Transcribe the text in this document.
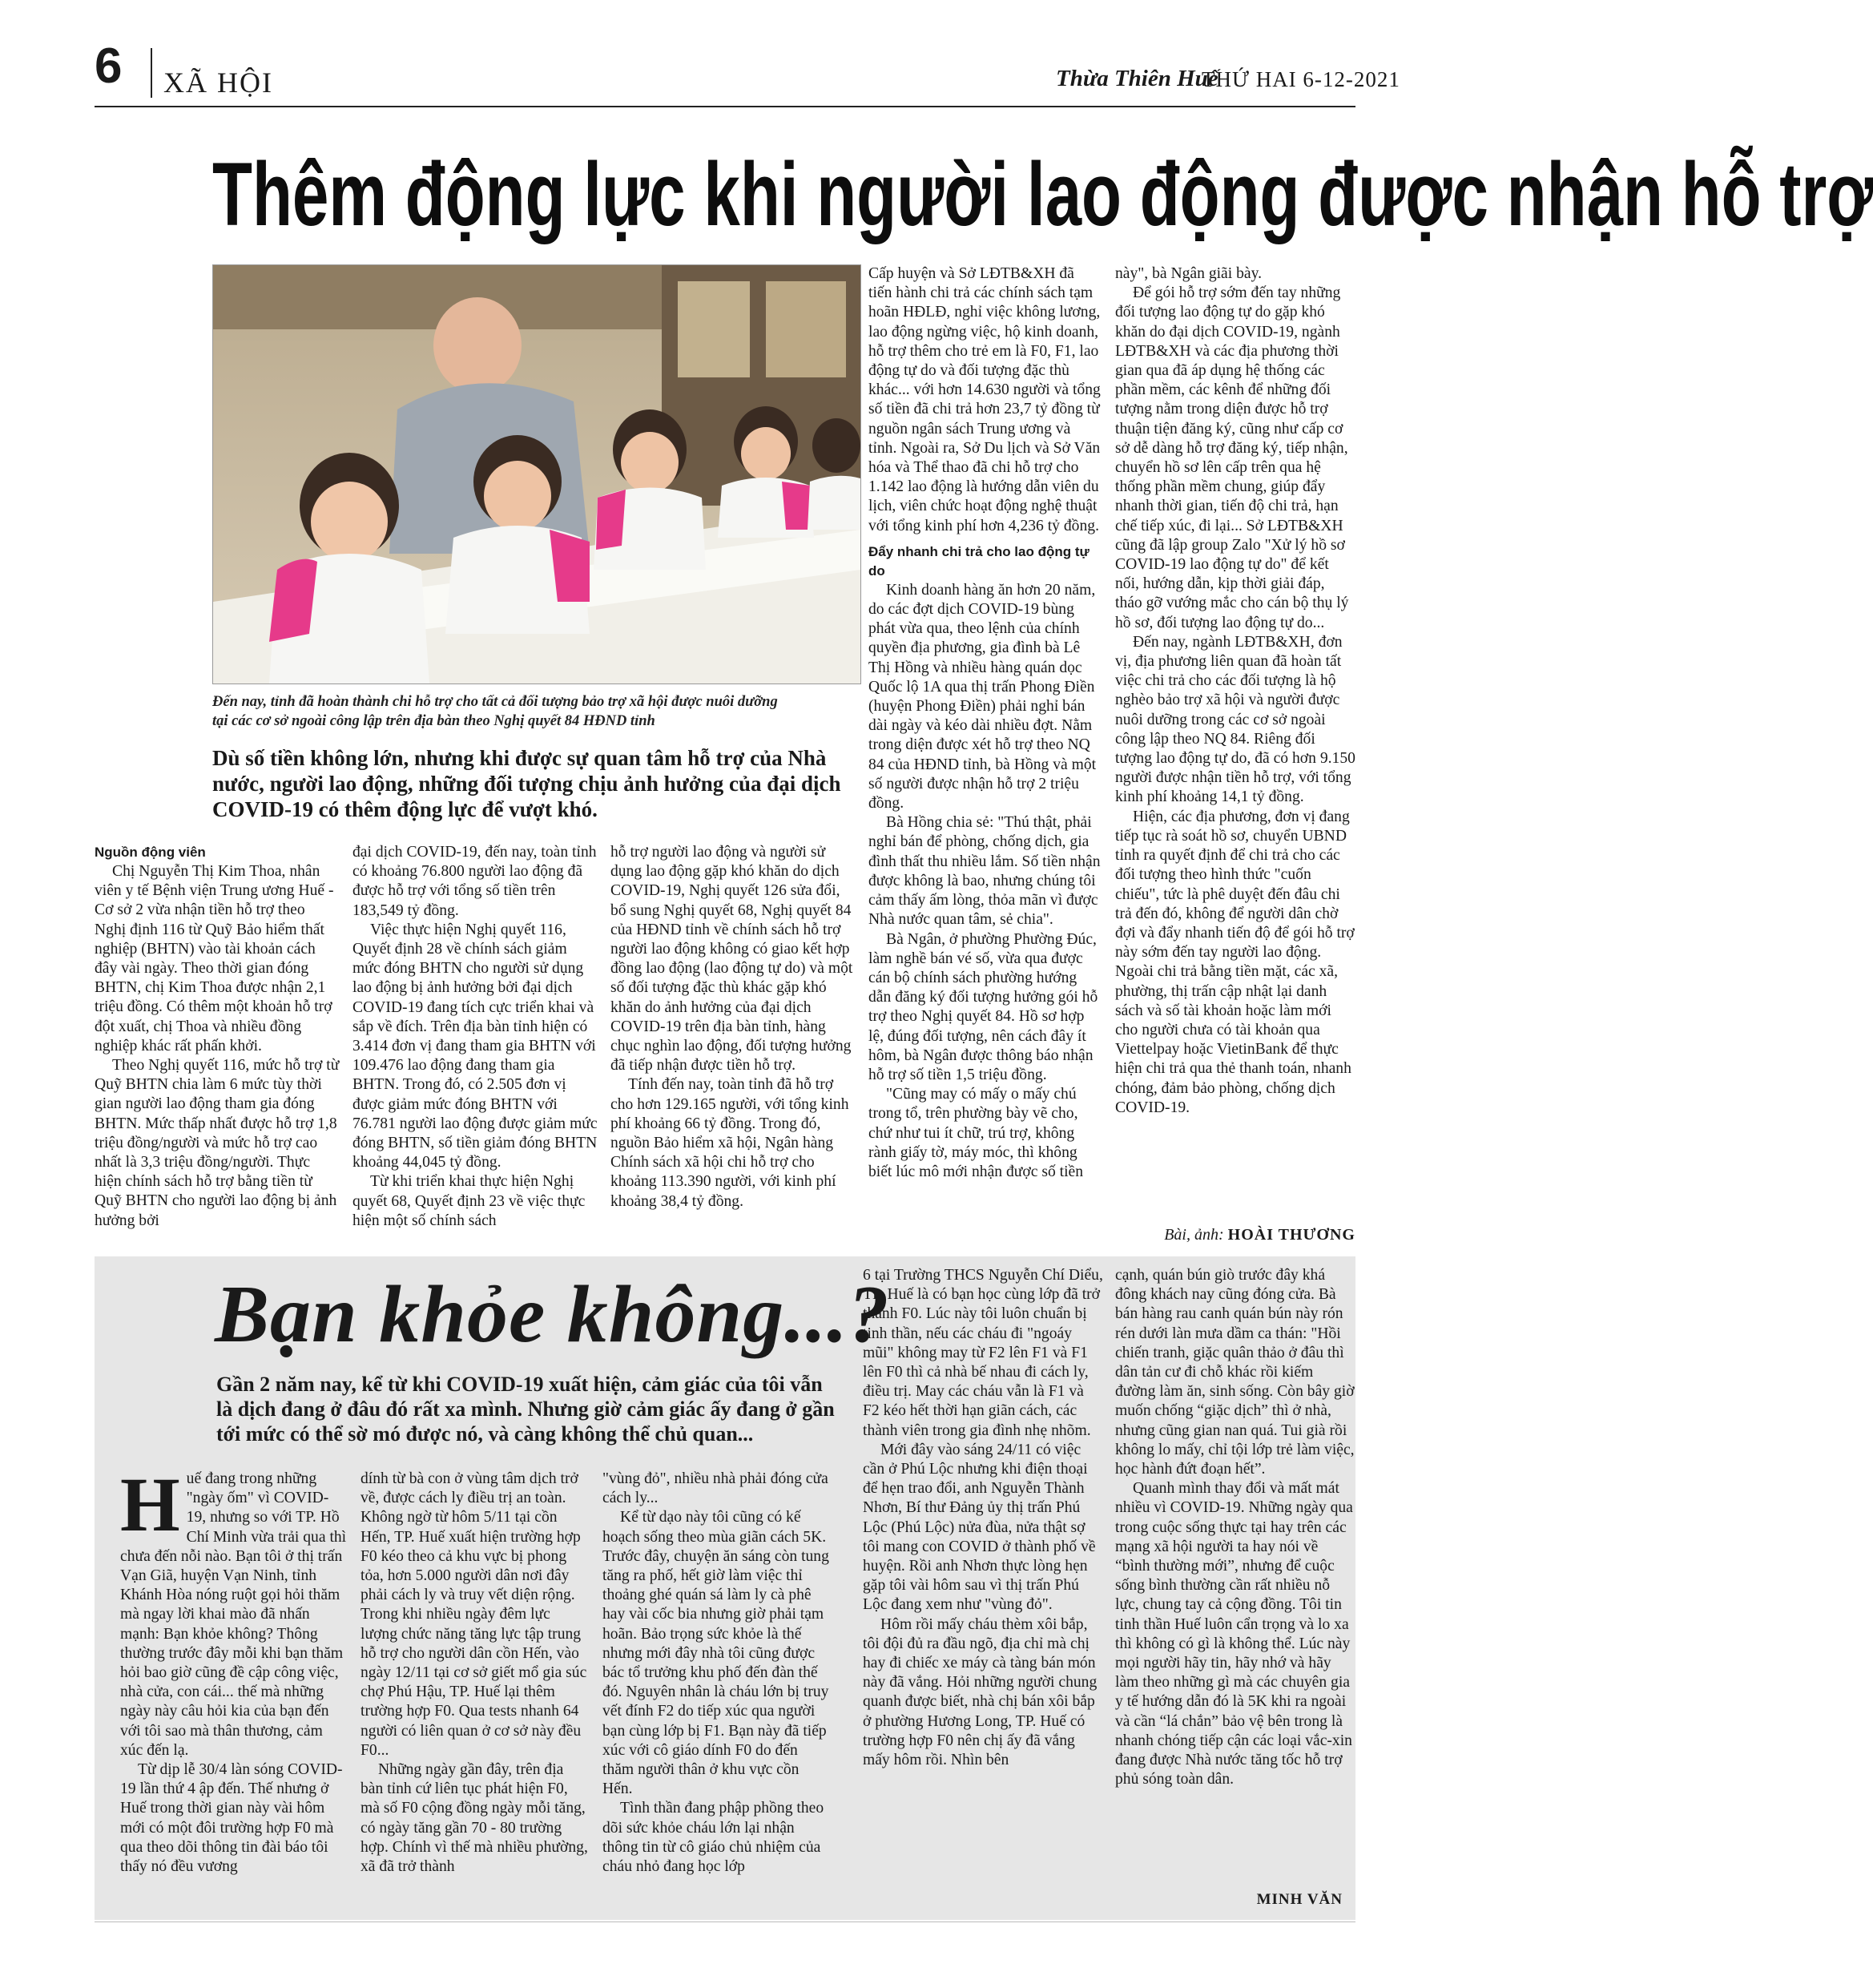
6 XÃ HỘI	Thừa Thiên Huế
THỨ HAI 6-12-2021
Thêm động lực khi người lao động được nhận hỗ trợ
Đến nay, tỉnh đã hoàn thành chi hỗ trợ cho tất cả đối tượng bảo trợ xã hội được nuôi dưỡng
tại các cơ sở ngoài công lập trên địa bàn theo Nghị quyết 84 HĐND tỉnh
Dù số tiền không lớn, nhưng khi được sự quan tâm hỗ trợ của Nhà nước, người lao động, những đối tượng chịu ảnh hưởng của đại dịch COVID-19 có thêm động lực để vượt khó.

Nguồn động viên

Chị Nguyễn Thị Kim Thoa, nhân viên y tế Bệnh viện Trung ương Huế - Cơ sở 2 vừa nhận tiền hỗ trợ theo Nghị định 116 từ Quỹ Bảo hiểm thất nghiệp (BHTN) vào tài khoản cách đây vài ngày. Theo thời gian đóng BHTN, chị Kim Thoa được nhận 2,1 triệu đồng. Có thêm một khoản hỗ trợ đột xuất, chị Thoa và nhiều đồng nghiệp khác rất phấn khởi.

Theo Nghị quyết 116, mức hỗ trợ từ Quỹ BHTN chia làm 6 mức tùy thời gian người lao động tham gia đóng BHTN. Mức thấp nhất được hỗ trợ 1,8 triệu đồng/người và mức hỗ trợ cao nhất là 3,3 triệu đồng/người. Thực hiện chính sách hỗ trợ bằng tiền từ Quỹ BHTN cho người lao động bị ảnh hưởng bởi

đại dịch COVID-19, đến nay, toàn tỉnh có khoảng 76.800 người lao động đã được hỗ trợ với tổng số tiền trên 183,549 tỷ đồng.

Việc thực hiện Nghị quyết 116, Quyết định 28 về chính sách giảm mức đóng BHTN cho người sử dụng lao động bị ảnh hưởng bởi đại dịch COVID-19 đang tích cực triển khai và sắp về đích. Trên địa bàn tỉnh hiện có 3.414 đơn vị đang tham gia BHTN với 109.476 lao động đang tham gia BHTN. Trong đó, có 2.505 đơn vị được giảm mức đóng BHTN với 76.781 người lao động được giảm mức đóng BHTN, số tiền giảm đóng BHTN khoảng 44,045 tỷ đồng.

Từ khi triển khai thực hiện Nghị quyết 68, Quyết định 23 về việc thực hiện một số chính sách

hỗ trợ người lao động và người sử dụng lao động gặp khó khăn do dịch COVID-19, Nghị quyết 126 sửa đổi, bổ sung Nghị quyết 68, Nghị quyết 84 của HĐND tỉnh về chính sách hỗ trợ người lao động không có giao kết hợp đồng lao động (lao động tự do) và một số đối tượng đặc thù khác gặp khó khăn do ảnh hưởng của đại dịch COVID-19 trên địa bàn tỉnh, hàng chục nghìn lao động, đối tượng hưởng đã tiếp nhận được tiền hỗ trợ.

Tính đến nay, toàn tỉnh đã hỗ trợ cho hơn 129.165 người, với tổng kinh phí khoảng 66 tỷ đồng. Trong đó, nguồn Bảo hiểm xã hội, Ngân hàng Chính sách xã hội chi hỗ trợ cho khoảng 113.390 người, với kinh phí khoảng 38,4 tỷ đồng.

Cấp huyện và Sở LĐTB&XH đã tiến hành chi trả các chính sách tạm hoãn HĐLĐ, nghỉ việc không lương, lao động ngừng việc, hộ kinh doanh, hỗ trợ thêm cho trẻ em là F0, F1, lao động tự do và đối tượng đặc thù khác... với hơn 14.630 người và tổng số tiền đã chi trả hơn 23,7 tỷ đồng từ nguồn ngân sách Trung ương và tỉnh. Ngoài ra, Sở Du lịch và Sở Văn hóa và Thể thao đã chi hỗ trợ cho 1.142 lao động là hướng dẫn viên du lịch, viên chức hoạt động nghệ thuật với tổng kinh phí hơn 4,236 tỷ đồng.

Đẩy nhanh chi trả cho lao động tự do

Kinh doanh hàng ăn hơn 20 năm, do các đợt dịch COVID-19 bùng phát vừa qua, theo lệnh của chính quyền địa phương, gia đình bà Lê Thị Hồng và nhiều hàng quán dọc Quốc lộ 1A qua thị trấn Phong Điền (huyện Phong Điền) phải nghỉ bán dài ngày và kéo dài nhiều đợt. Nằm trong diện được xét hỗ trợ theo NQ 84 của HĐND tỉnh, bà Hồng và một số người được nhận hỗ trợ 2 triệu đồng.

Bà Hồng chia sẻ: "Thú thật, phải nghỉ bán để phòng, chống dịch, gia đình thất thu nhiều lắm. Số tiền nhận được không là bao, nhưng chúng tôi cảm thấy ấm lòng, thỏa mãn vì được Nhà nước quan tâm, sẻ chia".

Bà Ngân, ở phường Phường Đúc, làm nghề bán vé số, vừa qua được cán bộ chính sách phường hướng dẫn đăng ký đối tượng hưởng gói hỗ trợ theo Nghị quyết 84. Hồ sơ hợp lệ, đúng đối tượng, nên cách đây ít hôm, bà Ngân được thông báo nhận hỗ trợ số tiền 1,5 triệu đồng.

"Cũng may có mấy o mấy chú trong tổ, trên phường bày vẽ cho, chứ như tui ít chữ, trú trợ, không rành giấy tờ, máy móc, thì không biết lúc mô mới nhận được số tiền

này", bà Ngân giãi bày.

Để gói hỗ trợ sớm đến tay những đối tượng lao động tự do gặp khó khăn do đại dịch COVID-19, ngành LĐTB&XH và các địa phương thời gian qua đã áp dụng hệ thống các phần mềm, các kênh để những đối tượng nằm trong diện được hỗ trợ thuận tiện đăng ký, cũng như cấp cơ sở dễ dàng hỗ trợ đăng ký, tiếp nhận, chuyển hồ sơ lên cấp trên qua hệ thống phần mềm chung, giúp đẩy nhanh thời gian, tiến độ chi trả, hạn chế tiếp xúc, đi lại... Sở LĐTB&XH cũng đã lập group Zalo "Xử lý hồ sơ COVID-19 lao động tự do" để kết nối, hướng dẫn, kịp thời giải đáp, tháo gỡ vướng mắc cho cán bộ thụ lý hồ sơ, đối tượng lao động tự do...

Đến nay, ngành LĐTB&XH, đơn vị, địa phương liên quan đã hoàn tất việc chi trả cho các đối tượng là hộ nghèo bảo trợ xã hội và người được nuôi dưỡng trong các cơ sở ngoài công lập theo NQ 84. Riêng đối tượng lao động tự do, đã có hơn 9.150 người được nhận tiền hỗ trợ, với tổng kinh phí khoảng 14,1 tỷ đồng.

Hiện, các địa phương, đơn vị đang tiếp tục rà soát hồ sơ, chuyển UBND tỉnh ra quyết định để chi trả cho các đối tượng theo hình thức "cuốn chiếu", tức là phê duyệt đến đâu chi trả đến đó, không để người dân chờ đợi và đẩy nhanh tiến độ để gói hỗ trợ này sớm đến tay người lao động. Ngoài chi trả bằng tiền mặt, các xã, phường, thị trấn cập nhật lại danh sách và số tài khoản hoặc làm mới cho người chưa có tài khoản qua Viettelpay hoặc VietinBank để thực hiện chi trả qua thẻ thanh toán, nhanh chóng, đảm bảo phòng, chống dịch COVID-19.

Bài, ảnh: HOÀI THƯƠNG
Bạn khỏe không...?
Gần 2 năm nay, kể từ khi COVID-19 xuất hiện, cảm giác của tôi vẫn là dịch đang ở đâu đó rất xa mình. Nhưng giờ cảm giác ấy đang ở gần tới mức có thể sờ mó được nó, và càng không thể chủ quan...
H uế đang trong những "ngày ốm" vì COVID-19, nhưng so với TP. Hồ Chí Minh vừa trải qua thì chưa đến nỗi nào. Bạn tôi ở thị trấn Vạn Giã, huyện Vạn Ninh, tỉnh Khánh Hòa nóng ruột gọi hỏi thăm mà ngay lời khai mào đã nhấn mạnh: Bạn khỏe không? Thông thường trước đây mỗi khi bạn thăm hỏi bao giờ cũng đề cập công việc, nhà cửa, con cái... thế mà những ngày này câu hỏi kia của bạn đến với tôi sao mà thân thương, cảm xúc đến lạ.

Từ dịp lễ 30/4 làn sóng COVID-19 lần thứ 4 ập đến. Thế nhưng ở Huế trong thời gian này vài hôm mới có một đôi trường hợp F0 mà qua theo dõi thông tin đài báo tôi thấy nó đều vương

dính từ bà con ở vùng tâm dịch trở về, được cách ly điều trị an toàn. Không ngờ từ hôm 5/11 tại cồn Hến, TP. Huế xuất hiện trường hợp F0 kéo theo cả khu vực bị phong tỏa, hơn 5.000 người dân nơi đây phải cách ly và truy vết diện rộng. Trong khi nhiều ngày đêm lực lượng chức năng tăng lực tập trung hỗ trợ cho người dân cồn Hến, vào ngày 12/11 tại cơ sở giết mổ gia súc chợ Phú Hậu, TP. Huế lại thêm trường hợp F0. Qua tests nhanh 64 người có liên quan ở cơ sở này đều F0...

Những ngày gần đây, trên địa bàn tỉnh cứ liên tục phát hiện F0, mà số F0 cộng đồng ngày mỗi tăng, có ngày tăng gần 70 - 80 trường hợp. Chính vì thế mà nhiều phường, xã đã trở thành

"vùng đỏ", nhiều nhà phải đóng cửa cách ly...

Kể từ dạo này tôi cũng có kế hoạch sống theo mùa giãn cách 5K. Trước đây, chuyện ăn sáng còn tung tăng ra phố, hết giờ làm việc thỉ thoảng ghé quán sá làm ly cà phê hay vài cốc bia nhưng giờ phải tạm hoãn. Bảo trọng sức khỏe là thế nhưng mới đây nhà tôi cũng được bác tổ trưởng khu phố đến đàn thế đó. Nguyên nhân là cháu lớn bị truy vết đính F2 do tiếp xúc qua người bạn cùng lớp bị F1. Bạn này đã tiếp xúc với cô giáo dính F0 do đến thăm người thân ở khu vực cồn Hến.

Tình thần đang phập phồng theo dõi sức khỏe cháu lớn lại nhận thông tin từ cô giáo chủ nhiệm của cháu nhỏ đang học lớp

6 tại Trường THCS Nguyễn Chí Diểu, TP. Huế là có bạn học cùng lớp đã trở thành F0. Lúc này tôi luôn chuẩn bị tinh thần, nếu các cháu đi "ngoáy mũi" không may từ F2 lên F1 và F1 lên F0 thì cả nhà bế nhau đi cách ly, điều trị. May các cháu vẫn là F1 và F2 kéo hết thời hạn giãn cách, các thành viên trong gia đình nhẹ nhõm.

Mới đây vào sáng 24/11 có việc cần ở Phú Lộc nhưng khi điện thoại để hẹn trao đổi, anh Nguyễn Thành Nhơn, Bí thư Đảng ủy thị trấn Phú Lộc (Phú Lộc) nửa đùa, nửa thật sợ tôi mang con COVID ở thành phố về huyện. Rồi anh Nhơn thực lòng hẹn gặp tôi vài hôm sau vì thị trấn Phú Lộc đang xem như "vùng đỏ".

Hôm rồi mấy cháu thèm xôi bắp, tôi đội đủ ra đầu ngõ, địa chỉ mà chị hay đi chiếc xe máy cà tàng bán món này đã vắng. Hỏi những người chung quanh được biết, nhà chị bán xôi bắp ở phường Hương Long, TP. Huế có trường hợp F0 nên chị ấy đã vắng mấy hôm rồi. Nhìn bên

cạnh, quán bún giò trước đây khá đông khách nay cũng đóng cửa. Bà bán hàng rau canh quán bún này rón rén dưới làn mưa dầm ca thán: "Hồi chiến tranh, giặc quân thảo ở đâu thì dân tản cư đi chỗ khác rồi kiếm đường làm ăn, sinh sống. Còn bây giờ muốn chống “giặc dịch” thì ở nhà, nhưng cũng gian nan quá. Tui già rồi không lo mấy, chỉ tội lớp trẻ làm việc, học hành đứt đoạn hết”.

Quanh mình thay đổi và mất mát nhiều vì COVID-19. Những ngày qua trong cuộc sống thực tại hay trên các mạng xã hội người ta hay nói về “bình thường mới”, nhưng để cuộc sống bình thường cần rất nhiều nỗ lực, chung tay cả cộng đồng. Tôi tin tinh thần Huế luôn cẩn trọng và lo xa thì không có gì là không thể. Lúc này mọi người hãy tin, hãy nhớ và hãy làm theo những gì mà các chuyên gia y tế hướng dẫn đó là 5K khi ra ngoài và cần “lá chắn” bảo vệ bên trong là nhanh chóng tiếp cận các loại vắc-xin đang được Nhà nước tăng tốc hỗ trợ phủ sóng toàn dân.

MINH VĂN
